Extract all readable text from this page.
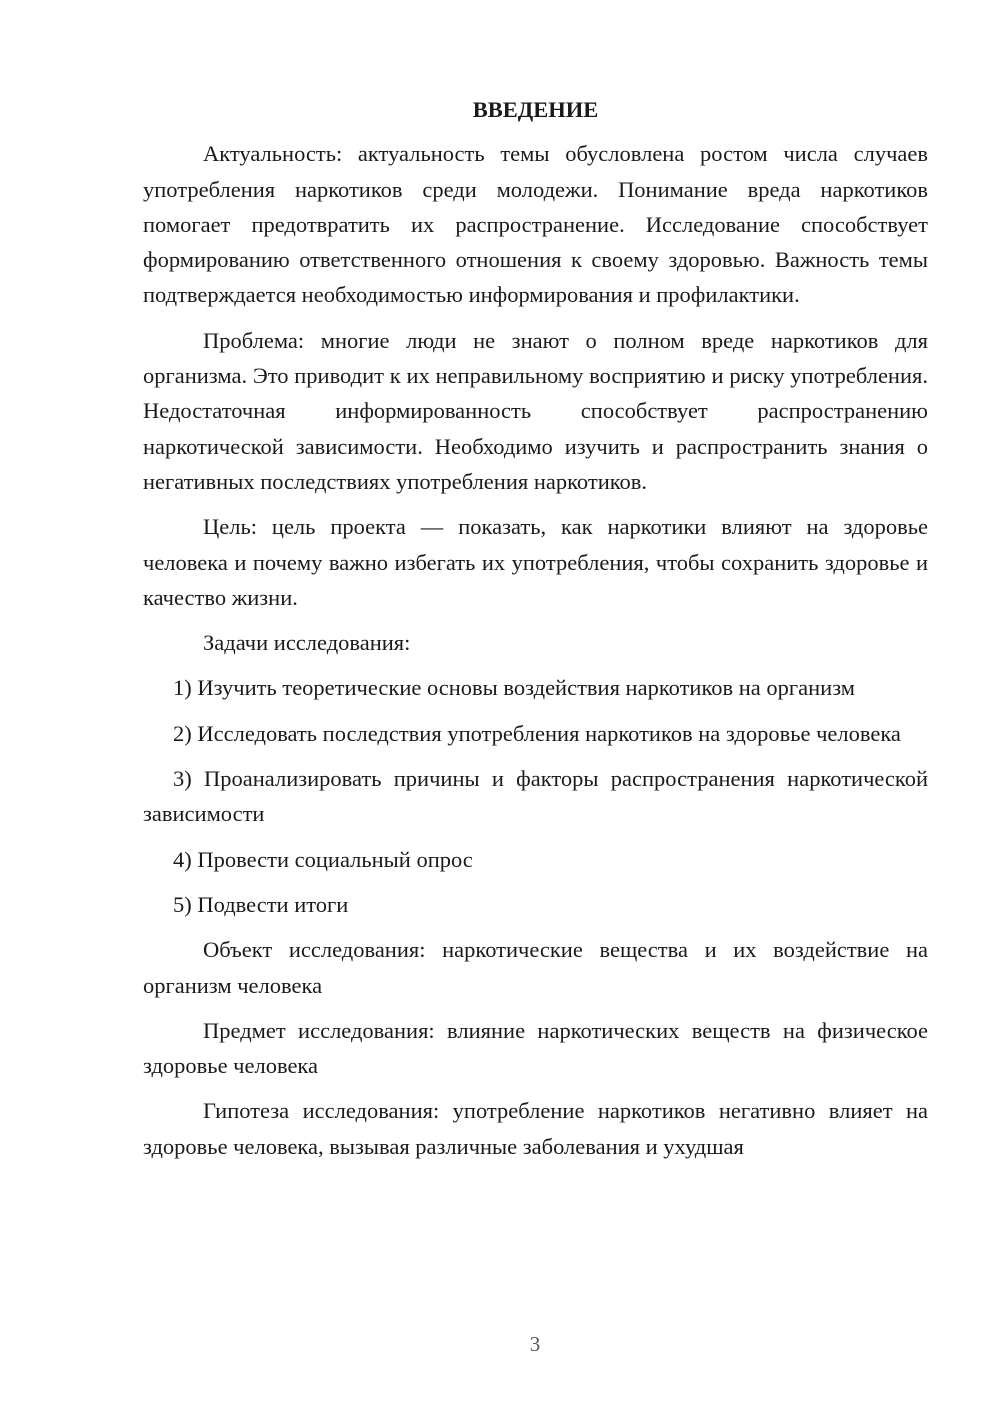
ВВЕДЕНИЕ

Актуальность: актуальность темы обусловлена ростом числа случаев употребления наркотиков среди молодежи. Понимание вреда наркотиков помогает предотвратить их распространение. Исследование способствует формированию ответственного отношения к своему здоровью. Важность темы подтверждается необходимостью информирования и профилактики.

Проблема: многие люди не знают о полном вреде наркотиков для организма. Это приводит к их неправильному восприятию и риску употребления. Недостаточная информированность способствует распространению наркотической зависимости. Необходимо изучить и распространить знания о негативных последствиях употребления наркотиков.

Цель: цель проекта — показать, как наркотики влияют на здоровье человека и почему важно избегать их употребления, чтобы сохранить здоровье и качество жизни.

Задачи исследования:

1) Изучить теоретические основы воздействия наркотиков на организм

2) Исследовать последствия употребления наркотиков на здоровье человека

3) Проанализировать причины и факторы распространения наркотической зависимости

4) Провести социальный опрос

5) Подвести итоги

Объект исследования: наркотические вещества и их воздействие на организм человека

Предмет исследования: влияние наркотических веществ на физическое здоровье человека

Гипотеза исследования: употребление наркотиков негативно влияет на здоровье человека, вызывая различные заболевания и ухудшая

3
